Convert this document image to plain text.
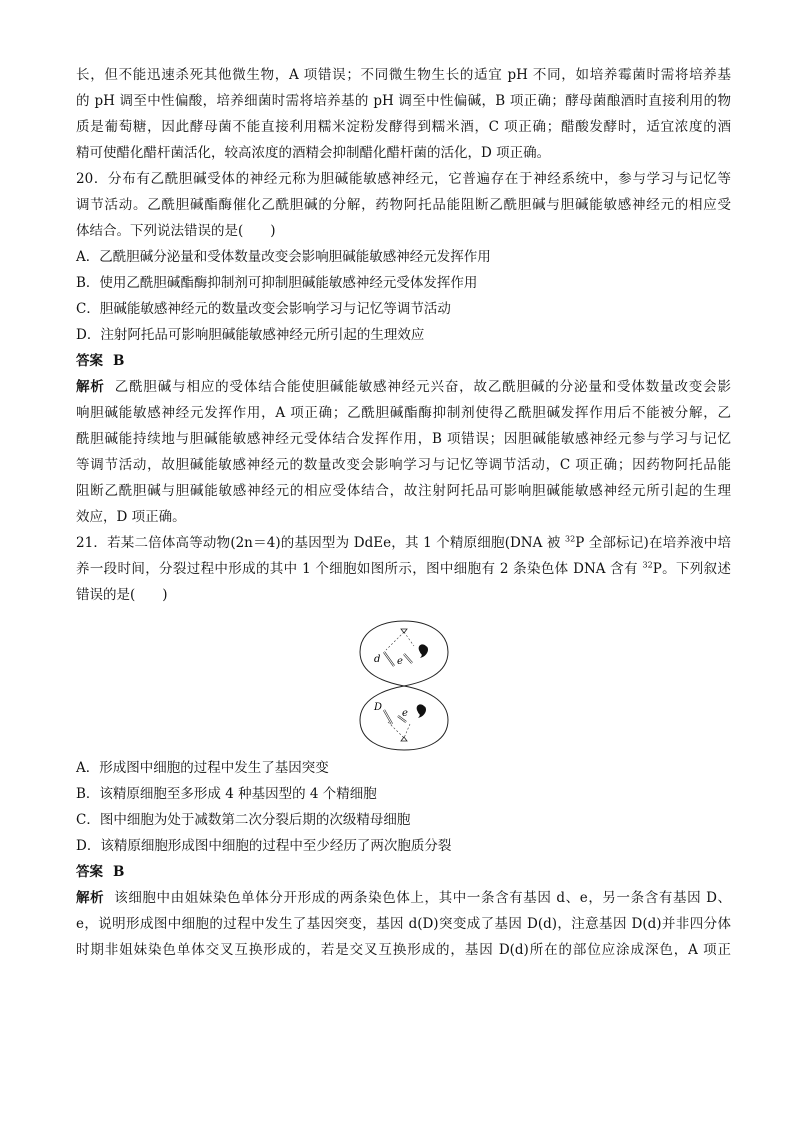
长，但不能迅速杀死其他微生物，A 项错误；不同微生物生长的适宜 pH 不同，如培养霉菌时需将培养基

的 pH 调至中性偏酸，培养细菌时需将培养基的 pH 调至中性偏碱，B 项正确；酵母菌酿酒时直接利用的物

质是葡萄糖，因此酵母菌不能直接利用糯米淀粉发酵得到糯米酒，C 项正确；醋酸发酵时，适宜浓度的酒

精可使醋化醋杆菌活化，较高浓度的酒精会抑制醋化醋杆菌的活化，D 项正确。

20．分布有乙酰胆碱受体的神经元称为胆碱能敏感神经元，它普遍存在于神经系统中，参与学习与记忆等

调节活动。乙酰胆碱酯酶催化乙酰胆碱的分解，药物阿托品能阻断乙酰胆碱与胆碱能敏感神经元的相应受

体结合。下列说法错误的是(　　)

A．乙酰胆碱分泌量和受体数量改变会影响胆碱能敏感神经元发挥作用
B．使用乙酰胆碱酯酶抑制剂可抑制胆碱能敏感神经元受体发挥作用
C．胆碱能敏感神经元的数量改变会影响学习与记忆等调节活动
D．注射阿托品可影响胆碱能敏感神经元所引起的生理效应
答案 B

解析 乙酰胆碱与相应的受体结合能使胆碱能敏感神经元兴奋，故乙酰胆碱的分泌量和受体数量改变会影

响胆碱能敏感神经元发挥作用，A 项正确；乙酰胆碱酯酶抑制剂使得乙酰胆碱发挥作用后不能被分解，乙

酰胆碱能持续地与胆碱能敏感神经元受体结合发挥作用，B 项错误；因胆碱能敏感神经元参与学习与记忆

等调节活动，故胆碱能敏感神经元的数量改变会影响学习与记忆等调节活动，C 项正确；因药物阿托品能

阻断乙酰胆碱与胆碱能敏感神经元的相应受体结合，故注射阿托品可影响胆碱能敏感神经元所引起的生理

效应，D 项正确。

21．若某二倍体高等动物(2n＝4)的基因型为 DdEe，其 1 个精原细胞(DNA 被 $^{32}$P 全部标记)在培养液中培

养一段时间，分裂过程中形成的其中 1 个细胞如图所示，图中细胞有 2 条染色体 DNA 含有 $^{32}$P。下列叙述

错误的是(　　)

d e
D
e
A．形成图中细胞的过程中发生了基因突变
B．该精原细胞至多形成 4 种基因型的 4 个精细胞
C．图中细胞为处于减数第二次分裂后期的次级精母细胞
D．该精原细胞形成图中细胞的过程中至少经历了两次胞质分裂
答案 B

解析 该细胞中由姐妹染色单体分开形成的两条染色体上，其中一条含有基因 d、e，另一条含有基因 D、

e，说明形成图中细胞的过程中发生了基因突变，基因 d(D)突变成了基因 D(d)，注意基因 D(d)并非四分体

时期非姐妹染色单体交叉互换形成的，若是交叉互换形成的，基因 D(d)所在的部位应涂成深色，A 项正
